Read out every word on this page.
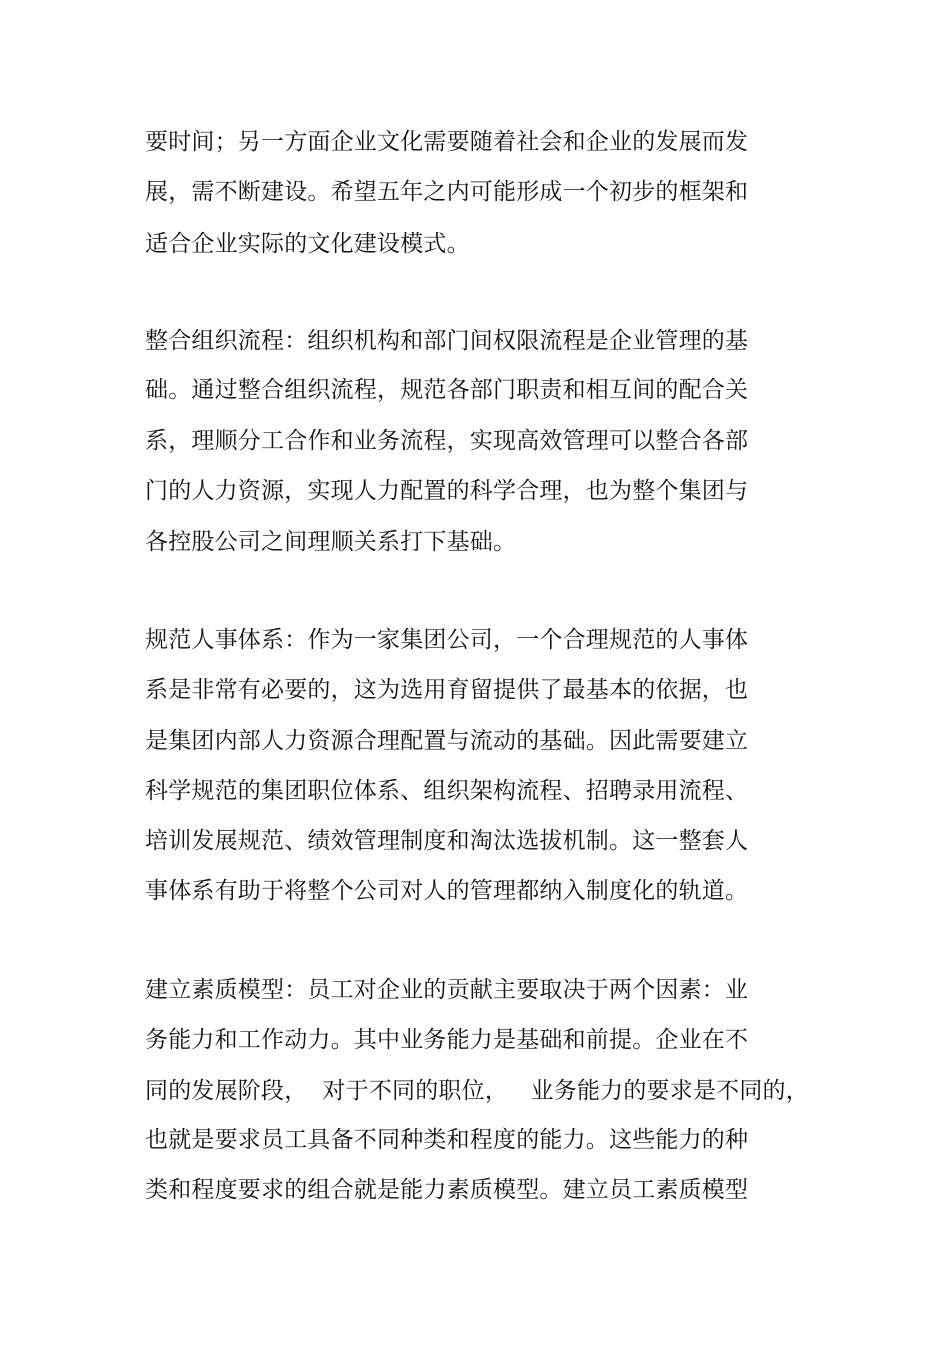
要时间；另一方面企业文化需要随着社会和企业的发展而发
展，需不断建设。希望五年之内可能形成一个初步的框架和
适合企业实际的文化建设模式。
整合组织流程：组织机构和部门间权限流程是企业管理的基
础。通过整合组织流程，规范各部门职责和相互间的配合关
系，理顺分工合作和业务流程，实现高效管理可以整合各部
门的人力资源，实现人力配置的科学合理，也为整个集团与
各控股公司之间理顺关系打下基础。
规范人事体系：作为一家集团公司，一个合理规范的人事体
系是非常有必要的，这为选用育留提供了最基本的依据，也
是集团内部人力资源合理配置与流动的基础。因此需要建立
科学规范的集团职位体系、组织架构流程、招聘录用流程、
培训发展规范、绩效管理制度和淘汰选拔机制。这一整套人
事体系有助于将整个公司对人的管理都纳入制度化的轨道。
建立素质模型：员工对企业的贡献主要取决于两个因素：业
务能力和工作动力。其中业务能力是基础和前提。企业在不
同的发展阶段，  对于不同的职位，   业务能力的要求是不同的，
也就是要求员工具备不同种类和程度的能力。这些能力的种
类和程度要求的组合就是能力素质模型。建立员工素质模型
